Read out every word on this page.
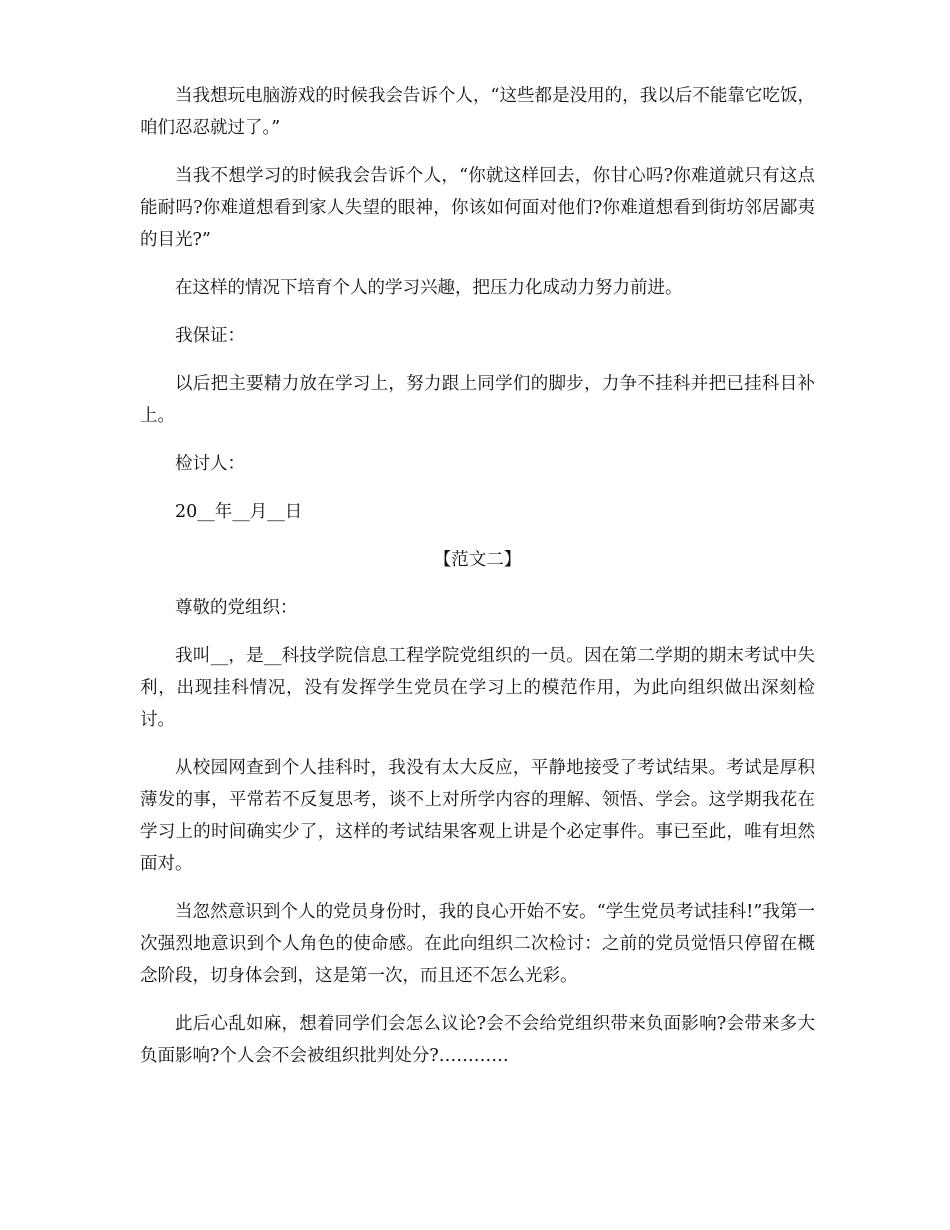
当我想玩电脑游戏的时候我会告诉个人，“这些都是没用的，我以后不能靠它吃饭，咱们忍忍就过了。”

当我不想学习的时候我会告诉个人，“你就这样回去，你甘心吗?你难道就只有这点能耐吗?你难道想看到家人失望的眼神，你该如何面对他们?你难道想看到街坊邻居鄙夷的目光?”

在这样的情况下培育个人的学习兴趣，把压力化成动力努力前进。

我保证：

以后把主要精力放在学习上，努力跟上同学们的脚步，力争不挂科并把已挂科目补上。

检讨人：

20__年__月__日

【范文二】

尊敬的党组织：

我叫__，是__科技学院信息工程学院党组织的一员。因在第二学期的期末考试中失利，出现挂科情况，没有发挥学生党员在学习上的模范作用，为此向组织做出深刻检讨。

从校园网查到个人挂科时，我没有太大反应，平静地接受了考试结果。考试是厚积薄发的事，平常若不反复思考，谈不上对所学内容的理解、领悟、学会。这学期我花在学习上的时间确实少了，这样的考试结果客观上讲是个必定事件。事已至此，唯有坦然面对。

当忽然意识到个人的党员身份时，我的良心开始不安。“学生党员考试挂科!”我第一次强烈地意识到个人角色的使命感。在此向组织二次检讨：之前的党员觉悟只停留在概念阶段，切身体会到，这是第一次，而且还不怎么光彩。

此后心乱如麻，想着同学们会怎么议论?会不会给党组织带来负面影响?会带来多大负面影响?个人会不会被组织批判处分?…………
